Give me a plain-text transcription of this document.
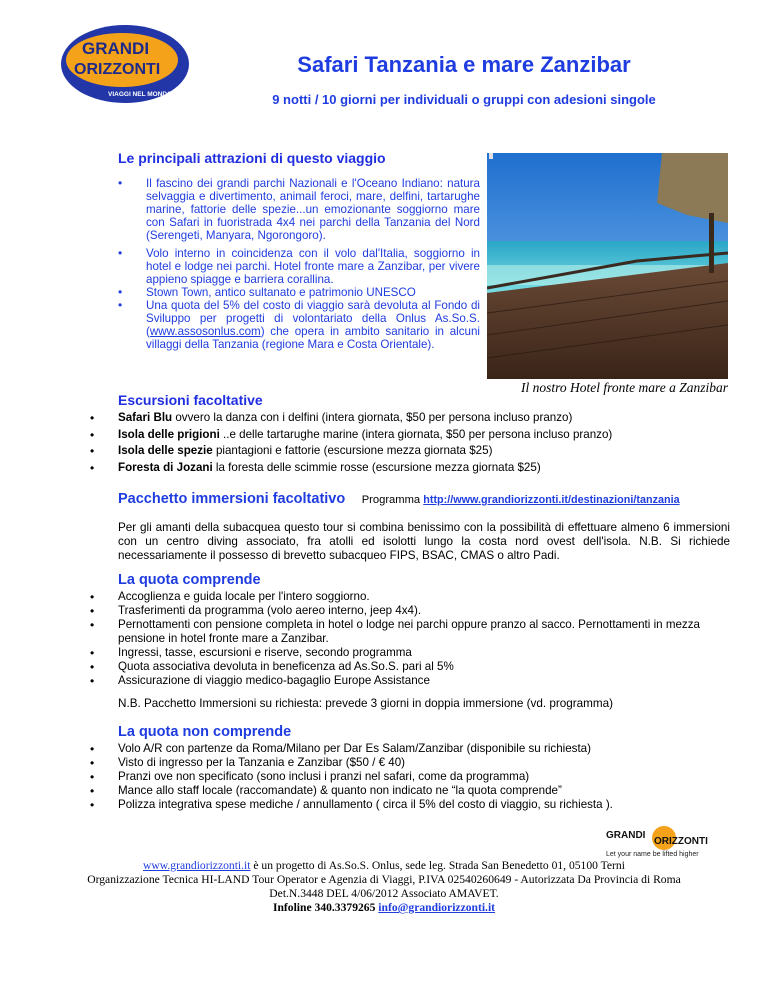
GRANDI
ORIZZONTI
VIAGGI NEL MONDO
Safari Tanzania e mare Zanzibar
9 notti / 10 giorni per individuali o gruppi con adesioni singole
Le principali attrazioni di questo viaggio
• Il fascino dei grandi parchi Nazionali e l'Oceano Indiano: natura selvaggia e divertimento, animail feroci, mare, delfini, tartarughe marine, fattorie delle spezie...un emozionante soggiorno mare con Safari in fuoristrada 4x4 nei parchi della Tanzania del Nord (Serengeti, Manyara, Ngorongoro).
• Volo interno in coincidenza con il volo dal'Italia, soggiorno in hotel e lodge nei parchi. Hotel fronte mare a Zanzibar, per vivere appieno spiagge e barriera corallina.
• Stown Town, antico sultanato e patrimonio UNESCO
• Una quota del 5% del costo di viaggio sarà devoluta al Fondo di Sviluppo per progetti di volontariato della Onlus As.So.S. (www.assosonlus.com) che opera in ambito sanitario in alcuni villaggi della Tanzania (regione Mara e Costa Orientale).
Il nostro Hotel fronte mare a Zanzibar
Escursioni facoltative
• Safari Blu ovvero la danza con i delfini (intera giornata, $50 per persona incluso pranzo)
• Isola delle prigioni ..e delle tartarughe marine (intera giornata, $50 per persona incluso pranzo)
• Isola delle spezie piantagioni e fattorie (escursione mezza giornata $25)
• Foresta di Jozani la foresta delle scimmie rosse (escursione mezza giornata $25)
Pacchetto immersioni facoltativo Programma http://www.grandiorizzonti.it/destinazioni/tanzania
Per gli amanti della subacquea questo tour si combina benissimo con la possibilità di effettuare almeno 6 immersioni con un centro diving associato, fra atolli ed isolotti lungo la costa nord ovest dell'isola. N.B. Si richiede necessariamente il possesso di brevetto subacqueo FIPS, BSAC, CMAS o altro Padi.
La quota comprende
• Accoglienza e guida locale per l'intero soggiorno.
• Trasferimenti da programma (volo aereo interno, jeep 4x4).
• Pernottamenti con pensione completa in hotel o lodge nei parchi oppure pranzo al sacco. Pernottamenti in mezza pensione in hotel fronte mare a Zanzibar.
• Ingressi, tasse, escursioni e riserve, secondo programma
• Quota associativa devoluta in beneficenza ad As.So.S. pari al 5%
• Assicurazione di viaggio medico-bagaglio Europe Assistance
N.B. Pacchetto Immersioni su richiesta: prevede 3 giorni in doppia immersione (vd. programma)
La quota non comprende
• Volo A/R con partenze da Roma/Milano per Dar Es Salam/Zanzibar (disponibile su richiesta)
• Visto di ingresso per la Tanzania e Zanzibar ($50 / € 40)
• Pranzi ove non specificato (sono inclusi i pranzi nel safari, come da programma)
• Mance allo staff locale (raccomandate) & quanto non indicato ne “la quota comprende”
• Polizza integrativa spese mediche / annullamento ( circa il 5% del costo di viaggio, su richiesta ).
GRANDI
ORIZZONTI
Let your name be lifted higher
www.grandiorizzonti.it è un progetto di As.So.S. Onlus, sede leg. Strada San Benedetto 01, 05100 Terni
Organizzazione Tecnica HI-LAND Tour Operator e Agenzia di Viaggi, P.IVA 02540260649 - Autorizzata Da Provincia di Roma Det.N.3448 DEL 4/06/2012 Associato AMAVET.
Infoline 340.3379265 info@grandiorizzonti.it
